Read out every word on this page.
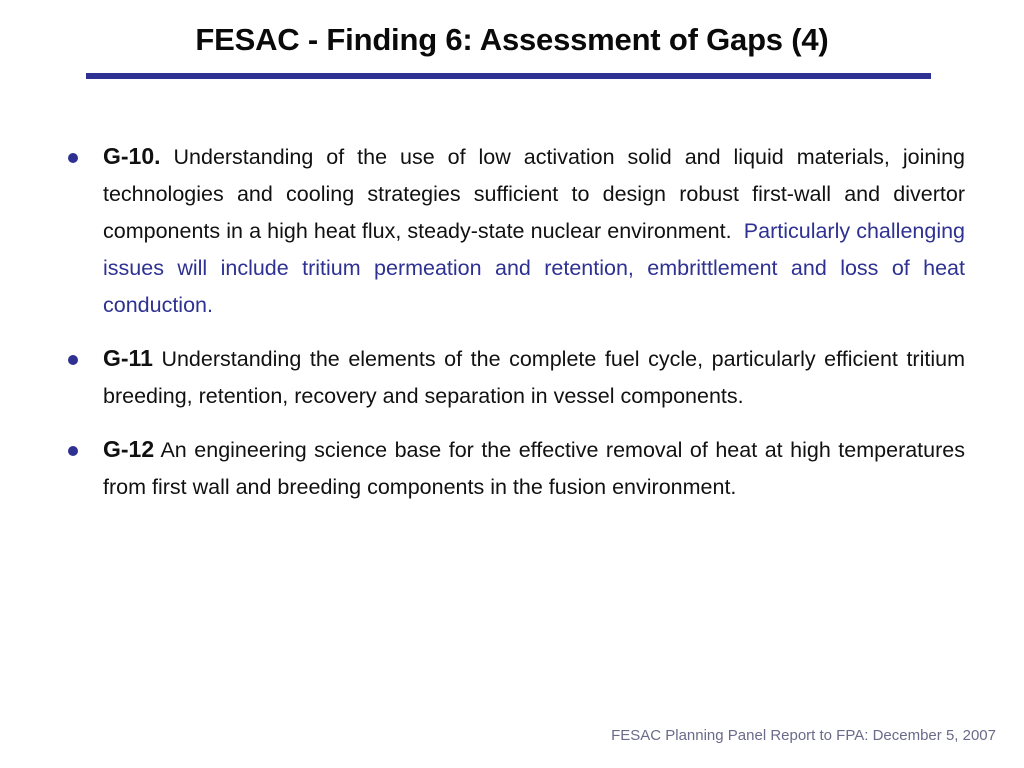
FESAC - Finding 6: Assessment of Gaps (4)
G-10. Understanding of the use of low activation solid and liquid materials, joining technologies and cooling strategies sufficient to design robust first-wall and divertor components in a high heat flux, steady-state nuclear environment. Particularly challenging issues will include tritium permeation and retention, embrittlement and loss of heat conduction.
G-11 Understanding the elements of the complete fuel cycle, particularly efficient tritium breeding, retention, recovery and separation in vessel components.
G-12 An engineering science base for the effective removal of heat at high temperatures from first wall and breeding components in the fusion environment.
FESAC Planning Panel Report to FPA: December 5, 2007
